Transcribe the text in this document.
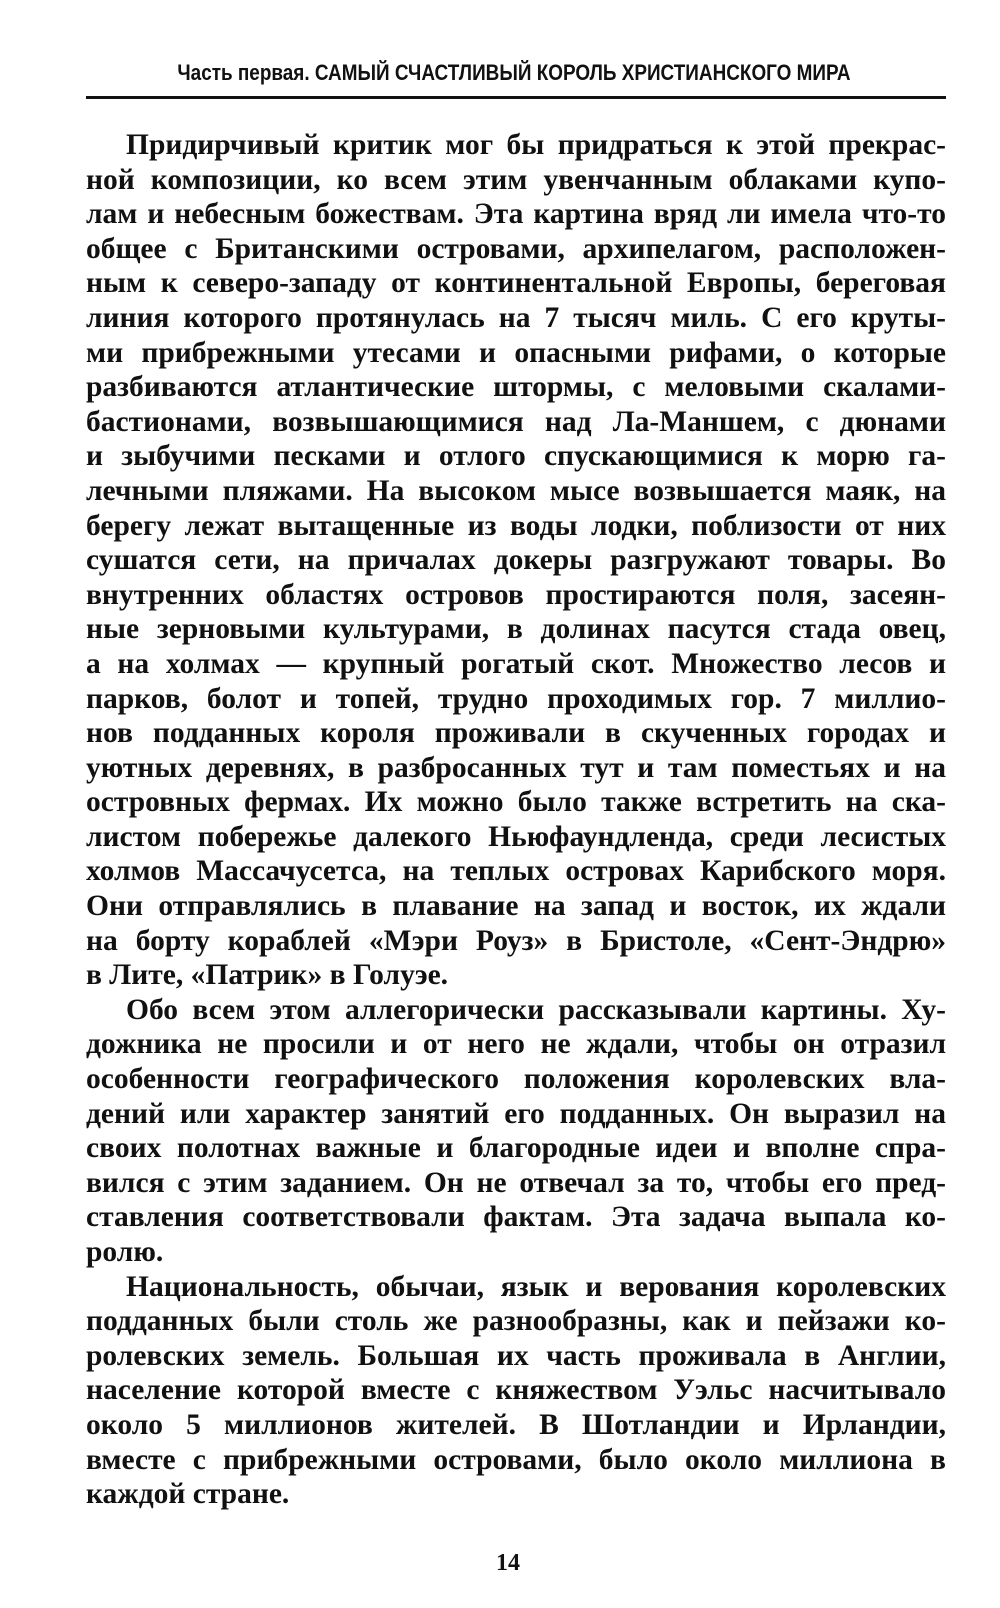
Часть первая. САМЫЙ СЧАСТЛИВЫЙ КОРОЛЬ ХРИСТИАНСКОГО МИРА
Придирчивый критик мог бы придраться к этой прекрас-
ной композиции, ко всем этим увенчанным облаками купо-
лам и небесным божествам. Эта картина вряд ли имела что-то
общее с Британскими островами, архипелагом, расположен-
ным к северо-западу от континентальной Европы, береговая
линия которого протянулась на 7 тысяч миль. С его круты-
ми прибрежными утесами и опасными рифами, о которые
разбиваются атлантические штормы, с меловыми скалами-
бастионами, возвышающимися над Ла-Маншем, с дюнами
и зыбучими песками и отлого спускающимися к морю га-
лечными пляжами. На высоком мысе возвышается маяк, на
берегу лежат вытащенные из воды лодки, поблизости от них
сушатся сети, на причалах докеры разгружают товары. Во
внутренних областях островов простираются поля, засеян-
ные зерновыми культурами, в долинах пасутся стада овец,
а на холмах — крупный рогатый скот. Множество лесов и
парков, болот и топей, трудно проходимых гор. 7 миллио-
нов подданных короля проживали в скученных городах и
уютных деревнях, в разбросанных тут и там поместьях и на
островных фермах. Их можно было также встретить на ска-
листом побережье далекого Ньюфаундленда, среди лесистых
холмов Массачусетса, на теплых островах Карибского моря.
Они отправлялись в плавание на запад и восток, их ждали
на борту кораблей «Мэри Роуз» в Бристоле, «Сент-Эндрю»
в Лите, «Патрик» в Голуэе.
Обо всем этом аллегорически рассказывали картины. Ху-
дожника не просили и от него не ждали, чтобы он отразил
особенности географического положения королевских вла-
дений или характер занятий его подданных. Он выразил на
своих полотнах важные и благородные идеи и вполне спра-
вился с этим заданием. Он не отвечал за то, чтобы его пред-
ставления соответствовали фактам. Эта задача выпала ко-
ролю.
Национальность, обычаи, язык и верования королевских
подданных были столь же разнообразны, как и пейзажи ко-
ролевских земель. Большая их часть проживала в Англии,
население которой вместе с княжеством Уэльс насчитывало
около 5 миллионов жителей. В Шотландии и Ирландии,
вместе с прибрежными островами, было около миллиона в
каждой стране.
14
